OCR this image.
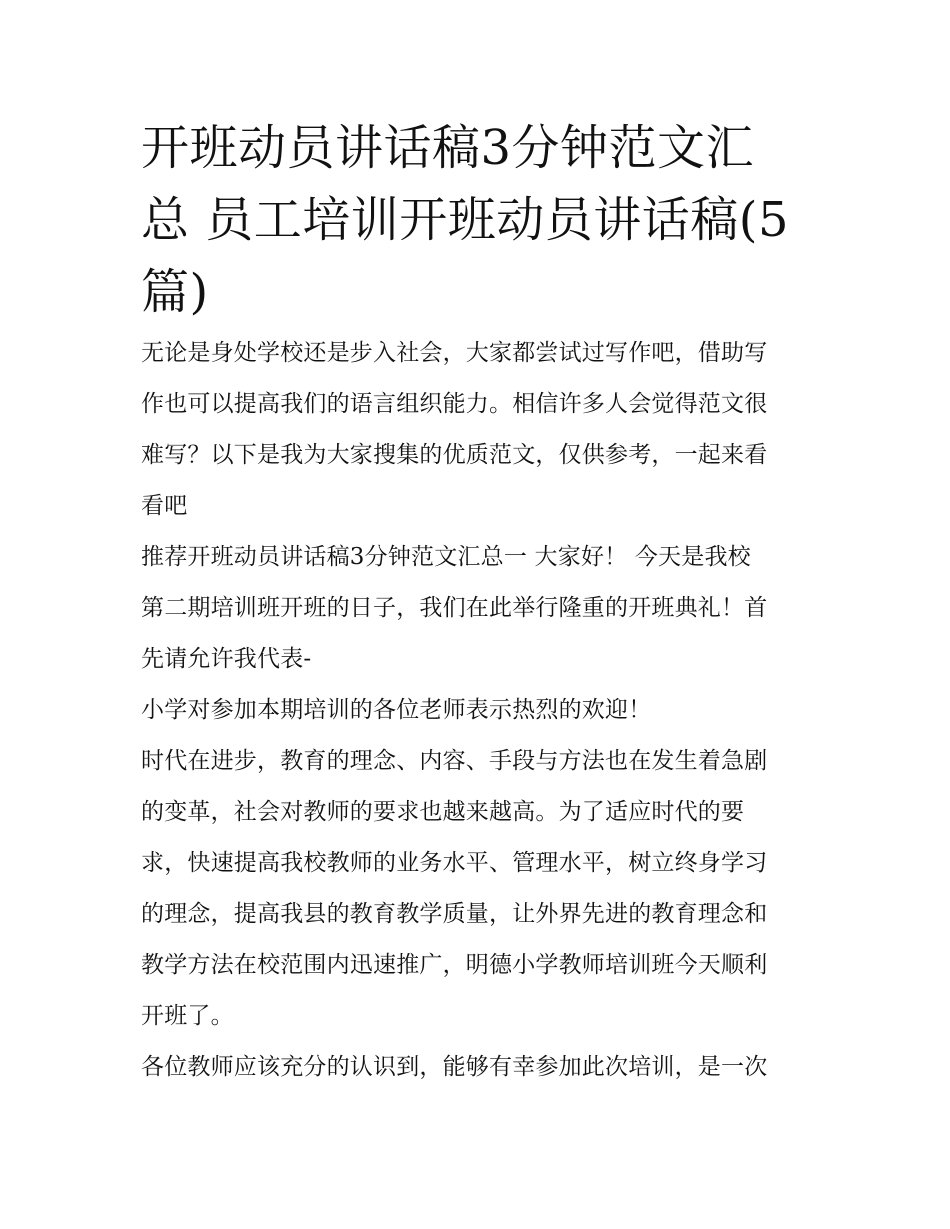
开班动员讲话稿3分钟范文汇
总 员工培训开班动员讲话稿(5
篇)

无论是身处学校还是步入社会，大家都尝试过写作吧，借助写
作也可以提高我们的语言组织能力。相信许多人会觉得范文很
难写？以下是我为大家搜集的优质范文，仅供参考，一起来看
看吧

推荐开班动员讲话稿3分钟范文汇总一 大家好！ 今天是我校
第二期培训班开班的日子，我们在此举行隆重的开班典礼！首
先请允许我代表-

小学对参加本期培训的各位老师表示热烈的欢迎！

时代在进步，教育的理念、内容、手段与方法也在发生着急剧
的变革，社会对教师的要求也越来越高。为了适应时代的要
求，快速提高我校教师的业务水平、管理水平，树立终身学习
的理念，提高我县的教育教学质量，让外界先进的教育理念和
教学方法在校范围内迅速推广，明德小学教师培训班今天顺利
开班了。

各位教师应该充分的认识到，能够有幸参加此次培训，是一次
